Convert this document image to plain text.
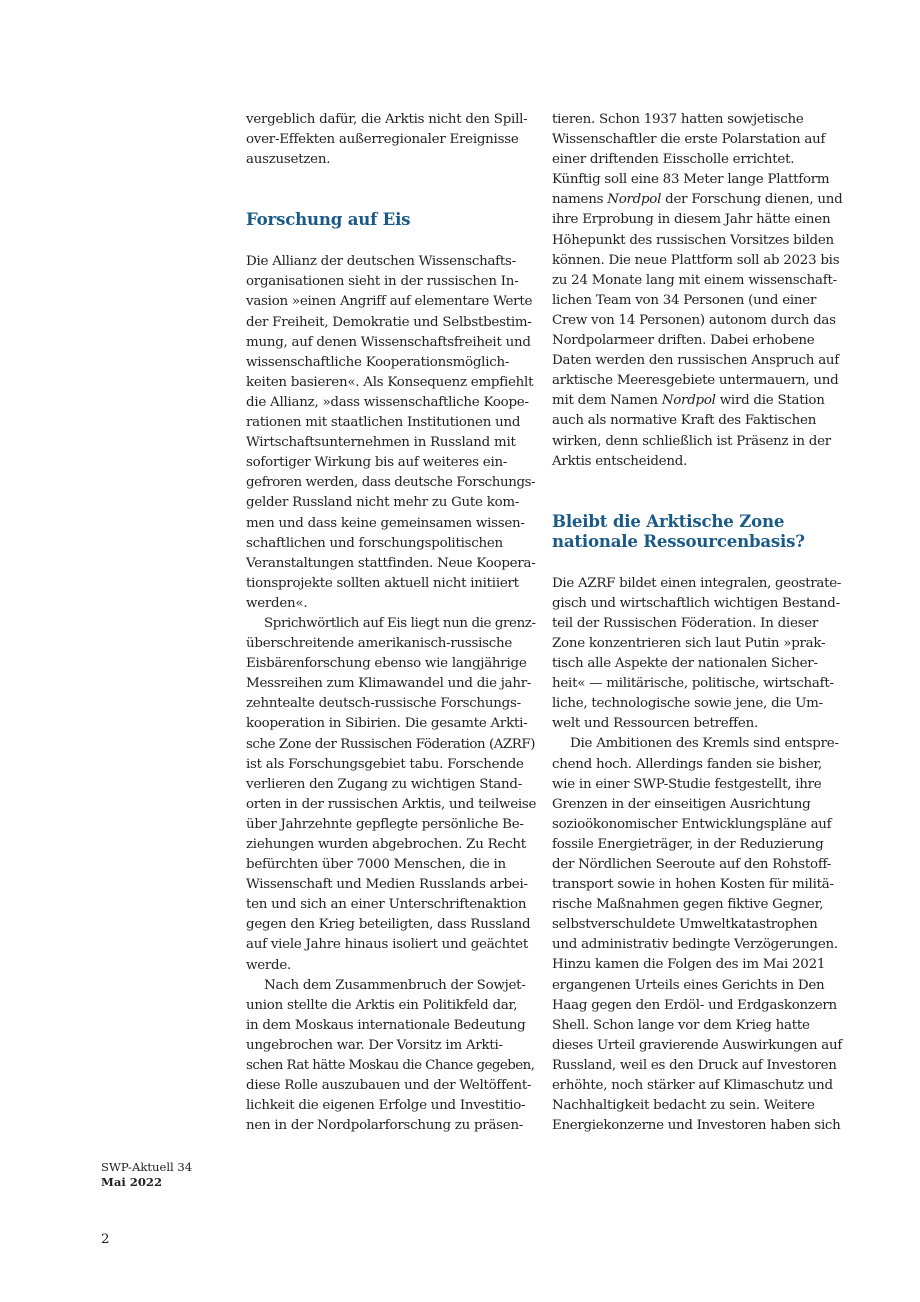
vergeblich dafür, die Arktis nicht den Spill-
over-Effekten außerregionaler Ereignisse
auszusetzen.
Forschung auf Eis
Die Allianz der deutschen Wissenschafts-
organisationen sieht in der russischen In-
vasion »einen Angriff auf elementare Werte
der Freiheit, Demokratie und Selbstbestim-
mung, auf denen Wissenschaftsfreiheit und
wissenschaftliche Kooperationsmöglich-
keiten basieren«. Als Konsequenz empfiehlt
die Allianz, »dass wissenschaftliche Koope-
rationen mit staatlichen Institutionen und
Wirtschaftsunternehmen in Russland mit
sofortiger Wirkung bis auf weiteres ein-
gefroren werden, dass deutsche Forschungs-
gelder Russland nicht mehr zu Gute kom-
men und dass keine gemeinsamen wissen-
schaftlichen und forschungspolitischen
Veranstaltungen stattfinden. Neue Koopera-
tionsprojekte sollten aktuell nicht initiiert
werden«.
Sprichwörtlich auf Eis liegt nun die grenz-
überschreitende amerikanisch-russische
Eisbärenforschung ebenso wie langjährige
Messreihen zum Klimawandel und die jahr-
zehntealte deutsch-russische Forschungs-
kooperation in Sibirien. Die gesamte Arkti-
sche Zone der Russischen Föderation (AZRF)
ist als Forschungsgebiet tabu. Forschende
verlieren den Zugang zu wichtigen Stand-
orten in der russischen Arktis, und teilweise
über Jahrzehnte gepflegte persönliche Be-
ziehungen wurden abgebrochen. Zu Recht
befürchten über 7000 Menschen, die in
Wissenschaft und Medien Russlands arbei-
ten und sich an einer Unterschriftenaktion
gegen den Krieg beteiligten, dass Russland
auf viele Jahre hinaus isoliert und geächtet
werde.
Nach dem Zusammenbruch der Sowjet-
union stellte die Arktis ein Politikfeld dar,
in dem Moskaus internationale Bedeutung
ungebrochen war. Der Vorsitz im Arkti-
schen Rat hätte Moskau die Chance gegeben,
diese Rolle auszubauen und der Weltöffent-
lichkeit die eigenen Erfolge und Investitio-
nen in der Nordpolarforschung zu präsen-
tieren. Schon 1937 hatten sowjetische
Wissenschaftler die erste Polarstation auf
einer driftenden Eisscholle errichtet.
Künftig soll eine 83 Meter lange Plattform
namens Nordpol der Forschung dienen, und
ihre Erprobung in diesem Jahr hätte einen
Höhepunkt des russischen Vorsitzes bilden
können. Die neue Plattform soll ab 2023 bis
zu 24 Monate lang mit einem wissenschaft-
lichen Team von 34 Personen (und einer
Crew von 14 Personen) autonom durch das
Nordpolarmeer driften. Dabei erhobene
Daten werden den russischen Anspruch auf
arktische Meeresgebiete untermauern, und
mit dem Namen Nordpol wird die Station
auch als normative Kraft des Faktischen
wirken, denn schließlich ist Präsenz in der
Arktis entscheidend.
Bleibt die Arktische Zone
nationale Ressourcenbasis?
Die AZRF bildet einen integralen, geostrate-
gisch und wirtschaftlich wichtigen Bestand-
teil der Russischen Föderation. In dieser
Zone konzentrieren sich laut Putin »prak-
tisch alle Aspekte der nationalen Sicher-
heit« — militärische, politische, wirtschaft-
liche, technologische sowie jene, die Um-
welt und Ressourcen betreffen.
Die Ambitionen des Kremls sind entspre-
chend hoch. Allerdings fanden sie bisher,
wie in einer SWP-Studie festgestellt, ihre
Grenzen in der einseitigen Ausrichtung
sozioökonomischer Entwicklungspläne auf
fossile Energieträger, in der Reduzierung
der Nördlichen Seeroute auf den Rohstoff-
transport sowie in hohen Kosten für militä-
rische Maßnahmen gegen fiktive Gegner,
selbstverschuldete Umweltkatastrophen
und administrativ bedingte Verzögerungen.
Hinzu kamen die Folgen des im Mai 2021
ergangenen Urteils eines Gerichts in Den
Haag gegen den Erdöl- und Erdgaskonzern
Shell. Schon lange vor dem Krieg hatte
dieses Urteil gravierende Auswirkungen auf
Russland, weil es den Druck auf Investoren
erhöhte, noch stärker auf Klimaschutz und
Nachhaltigkeit bedacht zu sein. Weitere
Energiekonzerne und Investoren haben sich
SWP-Aktuell 34
Mai 2022
2
